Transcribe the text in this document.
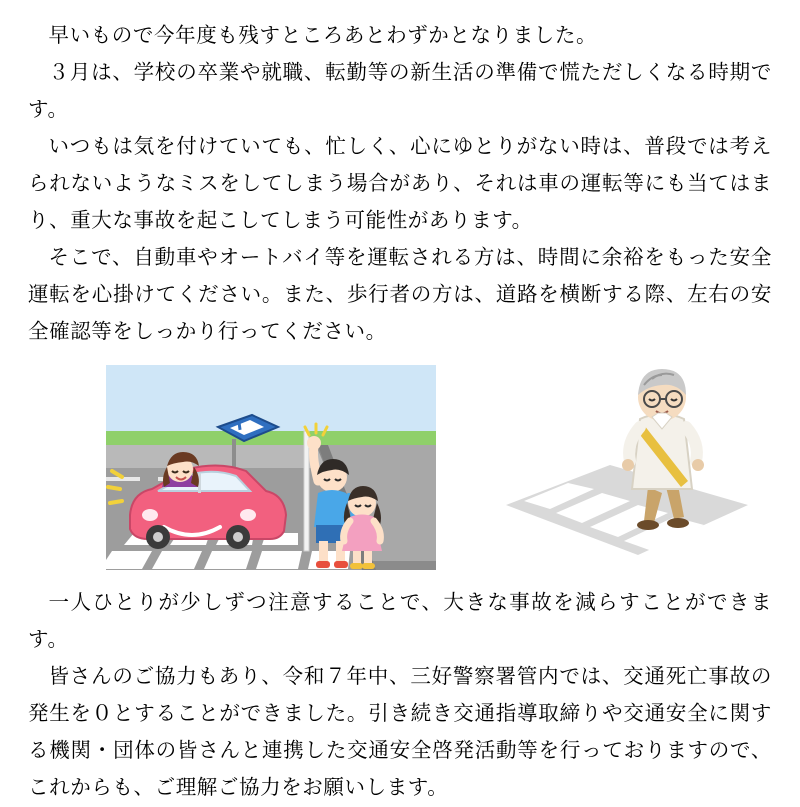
早いもので今年度も残すところあとわずかとなりました。

３月は、学校の卒業や就職、転勤等の新生活の準備で慌ただしくなる時期です。

いつもは気を付けていても、忙しく、心にゆとりがない時は、普段では考えられないようなミスをしてしまう場合があり、それは車の運転等にも当てはまり、重大な事故を起こしてしまう可能性があります。

そこで、自動車やオートバイ等を運転される方は、時間に余裕をもった安全運転を心掛けてください。また、歩行者の方は、道路を横断する際、左右の安全確認等をしっかり行ってください。

一人ひとりが少しずつ注意することで、大きな事故を減らすことができます。

皆さんのご協力もあり、令和７年中、三好警察署管内では、交通死亡事故の発生を０とすることができました。引き続き交通指導取締りや交通安全に関する機関・団体の皆さんと連携した交通安全啓発活動等を行っておりますので、これからも、ご理解ご協力をお願いします。
